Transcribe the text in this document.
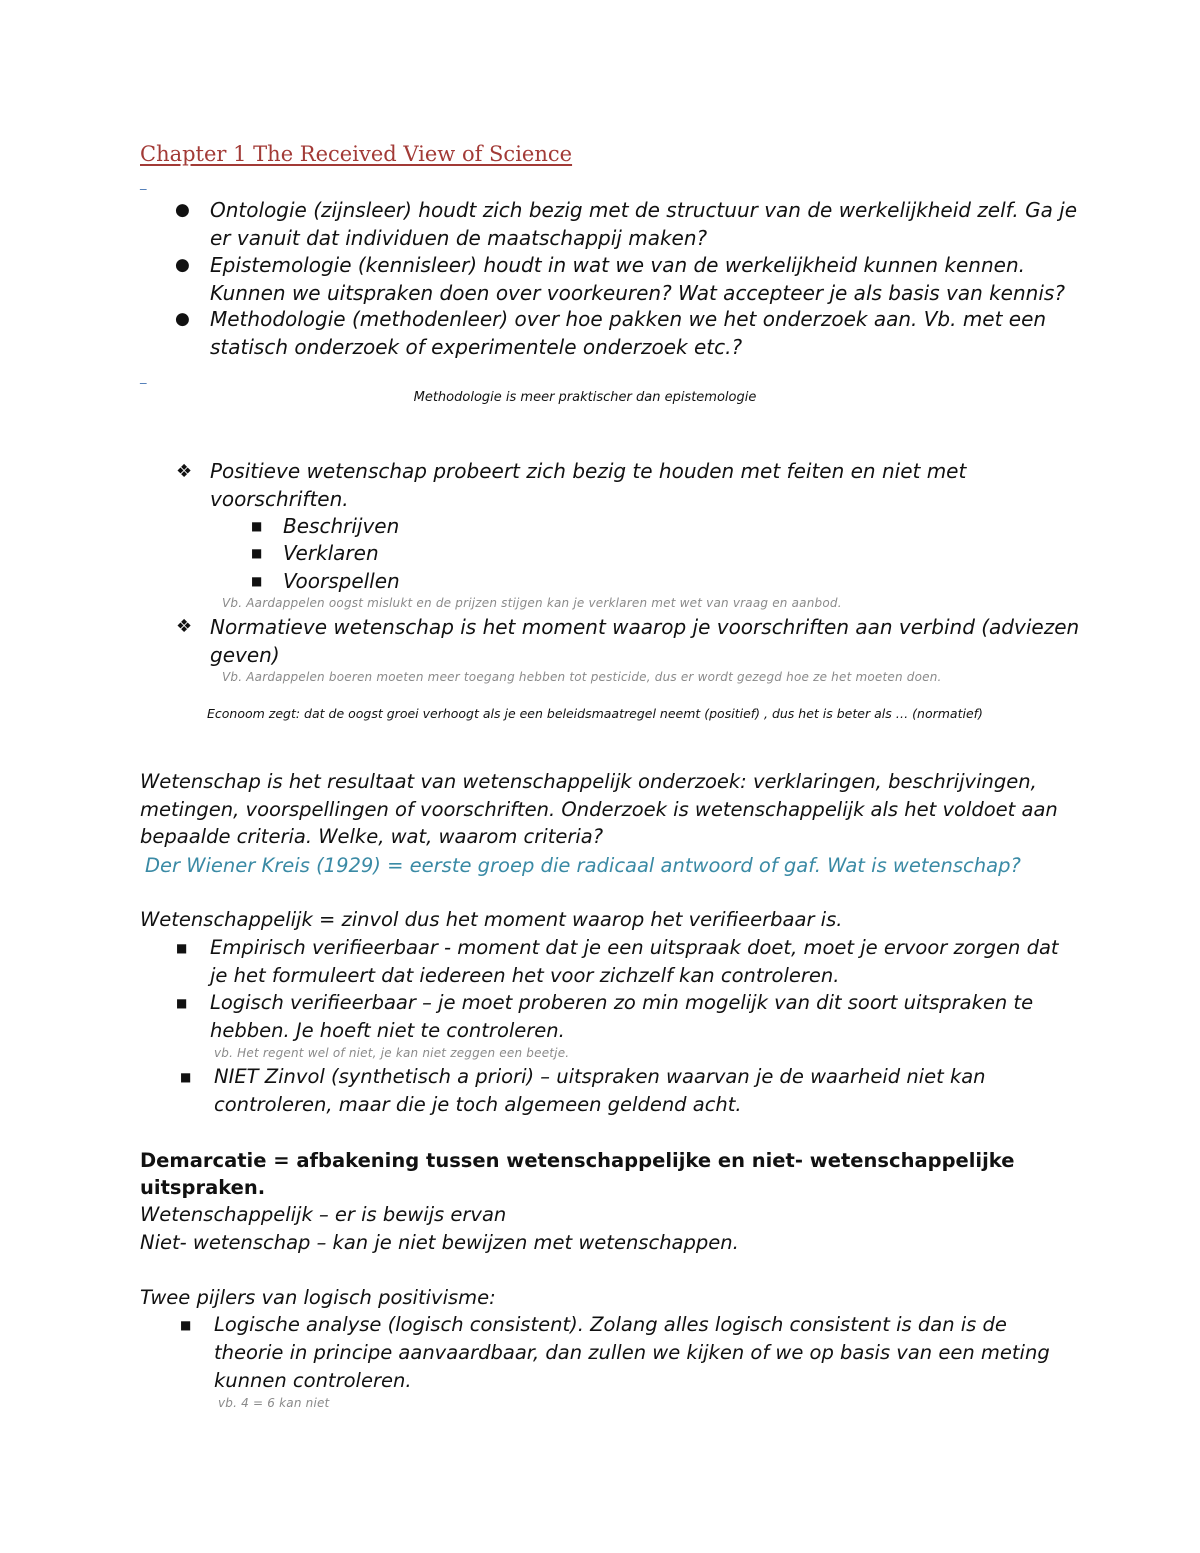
Chapter 1 The Received View of Science
_
● Ontologie (zijnsleer) houdt zich bezig met de structuur van de werkelijkheid zelf. Ga je
er vanuit dat individuen de maatschappij maken?
● Epistemologie (kennisleer) houdt in wat we van de werkelijkheid kunnen kennen.
Kunnen we uitspraken doen over voorkeuren? Wat accepteer je als basis van kennis?
● Methodologie (methodenleer) over hoe pakken we het onderzoek aan. Vb. met een
statisch onderzoek of experimentele onderzoek etc.?
_
Methodologie is meer praktischer dan epistemologie
❖ Positieve wetenschap probeert zich bezig te houden met feiten en niet met
voorschriften.
■ Beschrijven
■ Verklaren
■ Voorspellen
Vb. Aardappelen oogst mislukt en de prijzen stijgen kan je verklaren met wet van vraag en aanbod.
❖ Normatieve wetenschap is het moment waarop je voorschriften aan verbind (adviezen
geven)
Vb. Aardappelen boeren moeten meer toegang hebben tot pesticide, dus er wordt gezegd hoe ze het moeten doen.
Econoom zegt: dat de oogst groei verhoogt als je een beleidsmaatregel neemt (positief) , dus het is beter als … (normatief)
Wetenschap is het resultaat van wetenschappelijk onderzoek: verklaringen, beschrijvingen,
metingen, voorspellingen of voorschriften. Onderzoek is wetenschappelijk als het voldoet aan
bepaalde criteria. Welke, wat, waarom criteria?
Der Wiener Kreis (1929) = eerste groep die radicaal antwoord of gaf. Wat is wetenschap?
Wetenschappelijk = zinvol dus het moment waarop het verifieerbaar is.
■ Empirisch verifieerbaar - moment dat je een uitspraak doet, moet je ervoor zorgen dat
je het formuleert dat iedereen het voor zichzelf kan controleren.
■ Logisch verifieerbaar – je moet proberen zo min mogelijk van dit soort uitspraken te
hebben. Je hoeft niet te controleren.
vb. Het regent wel of niet, je kan niet zeggen een beetje.
■ NIET Zinvol (synthetisch a priori) – uitspraken waarvan je de waarheid niet kan
controleren, maar die je toch algemeen geldend acht.
Demarcatie = afbakening tussen wetenschappelijke en niet- wetenschappelijke
uitspraken.
Wetenschappelijk – er is bewijs ervan
Niet- wetenschap – kan je niet bewijzen met wetenschappen.
Twee pijlers van logisch positivisme:
■ Logische analyse (logisch consistent). Zolang alles logisch consistent is dan is de
theorie in principe aanvaardbaar, dan zullen we kijken of we op basis van een meting
kunnen controleren.
vb. 4 = 6 kan niet
